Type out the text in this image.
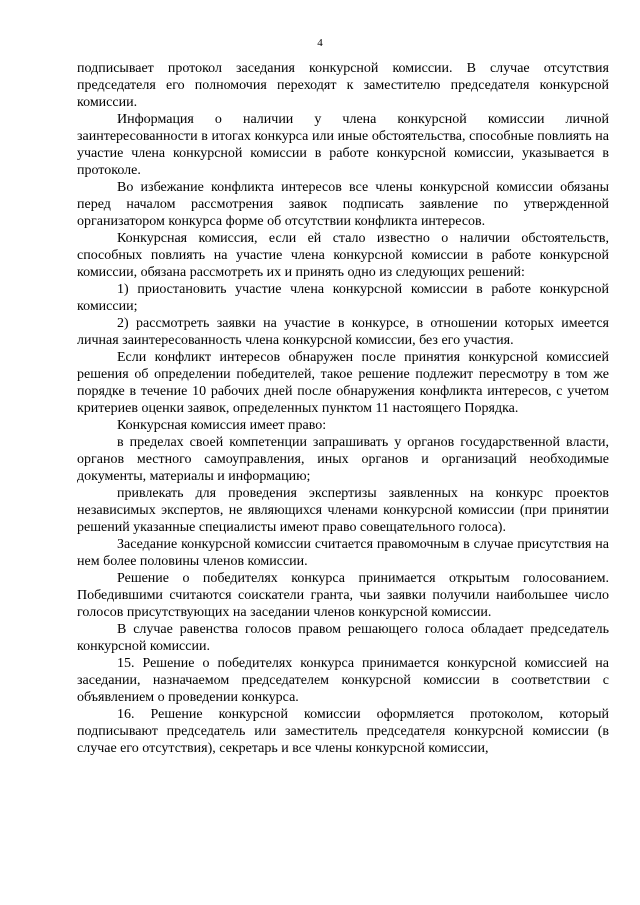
4

подписывает протокол заседания конкурсной комиссии. В случае отсутствия председателя его полномочия переходят к заместителю председателя конкурсной комиссии.

Информация о наличии у члена конкурсной комиссии личной заинтересованности в итогах конкурса или иные обстоятельства, способные повлиять на участие члена конкурсной комиссии в работе конкурсной комиссии, указывается в протоколе.

Во избежание конфликта интересов все члены конкурсной комиссии обязаны перед началом рассмотрения заявок подписать заявление по утвержденной организатором конкурса форме об отсутствии конфликта интересов.

Конкурсная комиссия, если ей стало известно о наличии обстоятельств, способных повлиять на участие члена конкурсной комиссии в работе конкурсной комиссии, обязана рассмотреть их и принять одно из следующих решений:

1) приостановить участие члена конкурсной комиссии в работе конкурсной комиссии;

2) рассмотреть заявки на участие в конкурсе, в отношении которых имеется личная заинтересованность члена конкурсной комиссии, без его участия.

Если конфликт интересов обнаружен после принятия конкурсной комиссией решения об определении победителей, такое решение подлежит пересмотру в том же порядке в течение 10 рабочих дней после обнаружения конфликта интересов, с учетом критериев оценки заявок, определенных пунктом 11 настоящего Порядка.

Конкурсная комиссия имеет право:

в пределах своей компетенции запрашивать у органов государственной власти, органов местного самоуправления, иных органов и организаций необходимые документы, материалы и информацию;

привлекать для проведения экспертизы заявленных на конкурс проектов независимых экспертов, не являющихся членами конкурсной комиссии (при принятии решений указанные специалисты имеют право совещательного голоса).

Заседание конкурсной комиссии считается правомочным в случае присутствия на нем более половины членов комиссии.

Решение о победителях конкурса принимается открытым голосованием. Победившими считаются соискатели гранта, чьи заявки получили наибольшее число голосов присутствующих на заседании членов конкурсной комиссии.

В случае равенства голосов правом решающего голоса обладает председатель конкурсной комиссии.

15. Решение о победителях конкурса принимается конкурсной комиссией на заседании, назначаемом председателем конкурсной комиссии в соответствии с объявлением о проведении конкурса.

16. Решение конкурсной комиссии оформляется протоколом, который подписывают председатель или заместитель председателя конкурсной комиссии (в случае его отсутствия), секретарь и все члены конкурсной комиссии,
